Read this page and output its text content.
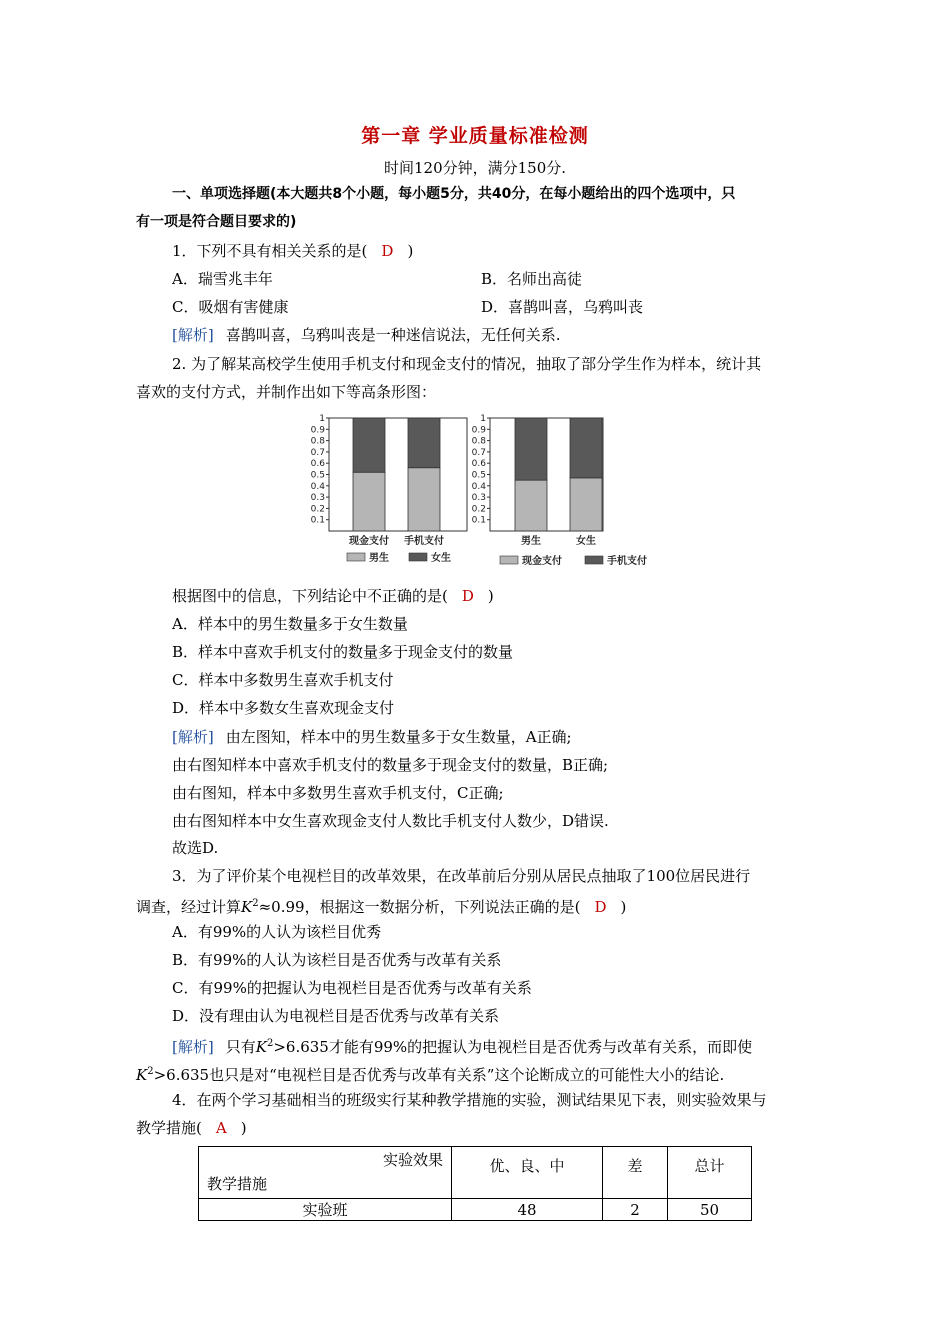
第一章 学业质量标准检测
时间120分钟，满分150分.
一、单项选择题(本大题共8个小题，每小题5分，共40分，在每小题给出的四个选项中，只
有一项是符合题目要求的)
1．下列不具有相关关系的是( D )
A．瑞雪兆丰年	B．名师出高徒
C．吸烟有害健康	D．喜鹊叫喜，乌鸦叫丧
[解析] 喜鹊叫喜，乌鸦叫丧是一种迷信说法，无任何关系.
2. 为了解某高校学生使用手机支付和现金支付的情况，抽取了部分学生作为样本，统计其
喜欢的支付方式，并制作出如下等高条形图：
0.1
0.2
0.3
0.4
0.5
0.6
0.7
0.8
0.9
1
现金支付 手机支付
男生	女生
0.1
0.2
0.3
0.4
0.5
0.6
0.7
0.8
0.9
1
男生	女生
现金支付	手机支付
根据图中的信息，下列结论中不正确的是( D )
A．样本中的男生数量多于女生数量
B．样本中喜欢手机支付的数量多于现金支付的数量
C．样本中多数男生喜欢手机支付
D．样本中多数女生喜欢现金支付
[解析] 由左图知，样本中的男生数量多于女生数量，A正确;
由右图知样本中喜欢手机支付的数量多于现金支付的数量，B正确;
由右图知，样本中多数男生喜欢手机支付，C正确;
由右图知样本中女生喜欢现金支付人数比手机支付人数少，D错误.
故选D.
3．为了评价某个电视栏目的改革效果，在改革前后分别从居民点抽取了100位居民进行
调查，经过计算$K^2\approx 0.99$，根据这一数据分析，下列说法正确的是( D )
A．有99%的人认为该栏目优秀
B．有99%的人认为该栏目是否优秀与改革有关系
C．有99%的把握认为电视栏目是否优秀与改革有关系
D．没有理由认为电视栏目是否优秀与改革有关系
[解析] 只有$K^2>6.635$才能有99%的把握认为电视栏目是否优秀与改革有关系，而即使
$K^2>6.635$也只是对“电视栏目是否优秀与改革有关系”这个论断成立的可能性大小的结论.
4．在两个学习基础相当的班级实行某种教学措施的实验，测试结果见下表，则实验效果与
教学措施( A )
实验效果
教学措施	优、良、中	差	总计
实验班	48	2	50
